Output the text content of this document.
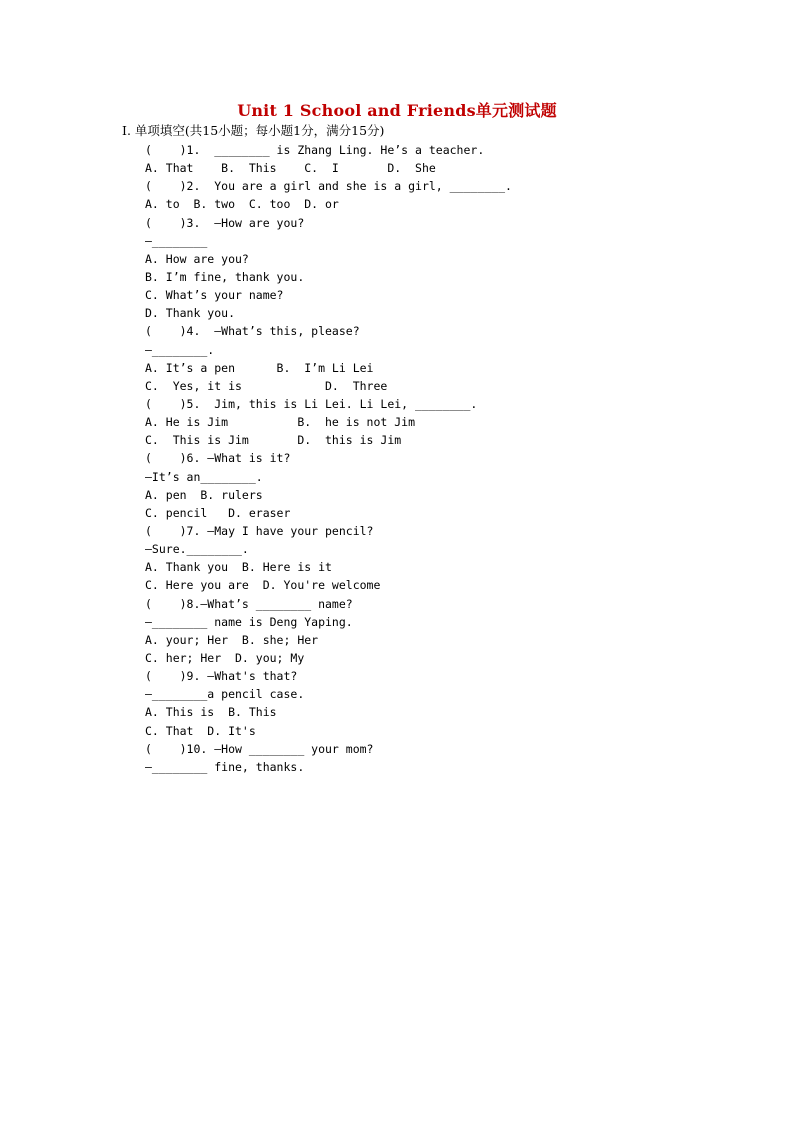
Unit 1 School and Friends单元测试题
Ⅰ. 单项填空(共15小题；每小题1分，满分15分)
(    )1.  ________ is Zhang Ling. He’s a teacher.
A. That    B.  This    C.  I       D.  She
(    )2.  You are a girl and she is a girl, ________.
A. to  B. two  C. too  D. or
(    )3.  —How are you?
—________
A. How are you?
B. I’m fine, thank you.
C. What’s your name?
D. Thank you.
(    )4.  —What’s this, please?
—________.
A. It’s a pen      B.  I’m Li Lei
C.  Yes, it is            D.  Three
(    )5.  Jim, this is Li Lei. Li Lei, ________.
A. He is Jim          B.  he is not Jim
C.  This is Jim       D.  this is Jim
(    )6. —What is it?
—It’s an________.
A. pen  B. rulers
C. pencil   D. eraser
(    )7. —May I have your pencil?
—Sure.________.
A. Thank you  B. Here is it
C. Here you are  D. You're welcome
(    )8.—What’s ________ name?
—________ name is Deng Yaping.
A. your; Her  B. she; Her
C. her; Her  D. you; My
(    )9. —What's that?
—________a pencil case.
A. This is  B. This
C. That  D. It's
(    )10. —How ________ your mom?
—________ fine, thanks.
